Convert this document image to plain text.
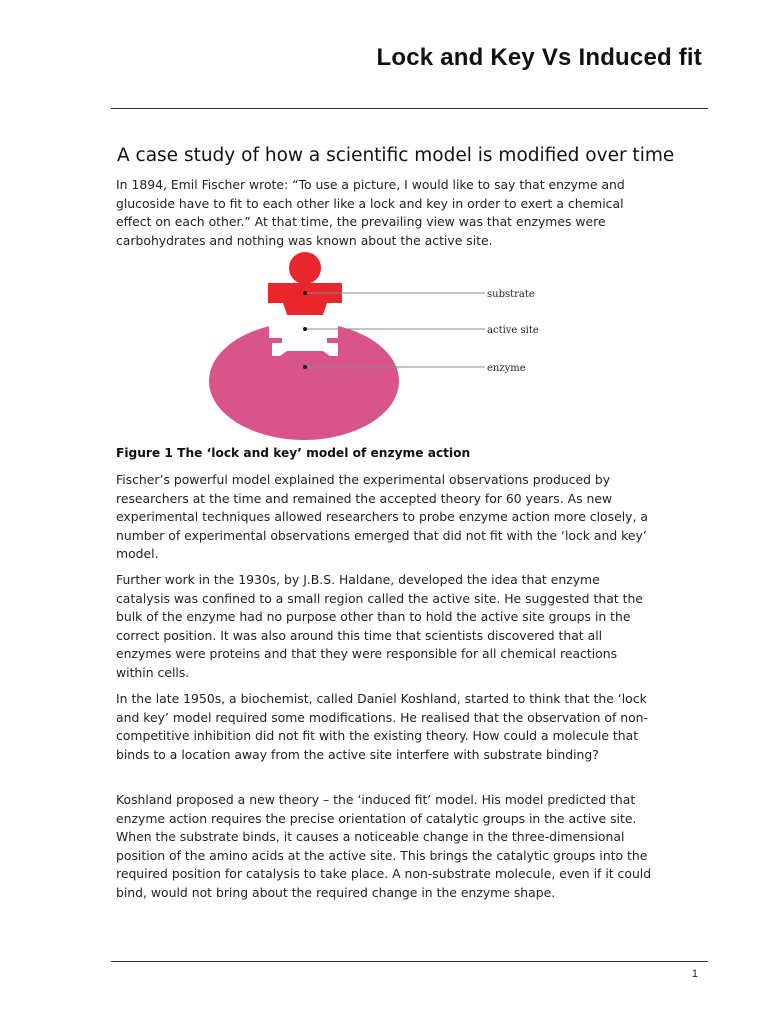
Lock and Key Vs Induced fit
A case study of how a scientific model is modified over time

In 1894, Emil Fischer wrote: “To use a picture, I would like to say that enzyme and glucoside have to fit to each other like a lock and key in order to exert a chemical effect on each other.” At that time, the prevailing view was that enzymes were carbohydrates and nothing was known about the active site.

substrate
active site
enzyme
Figure 1 The ‘lock and key’ model of enzyme action

Fischer’s powerful model explained the experimental observations produced by researchers at the time and remained the accepted theory for 60 years. As new experimental techniques allowed researchers to probe enzyme action more closely, a number of experimental observations emerged that did not fit with the ‘lock and key’ model.

Further work in the 1930s, by J.B.S. Haldane, developed the idea that enzyme catalysis was confined to a small region called the active site. He suggested that the bulk of the enzyme had no purpose other than to hold the active site groups in the correct position. It was also around this time that scientists discovered that all enzymes were proteins and that they were responsible for all chemical reactions within cells.

In the late 1950s, a biochemist, called Daniel Koshland, started to think that the ‘lock and key’ model required some modifications. He realised that the observation of non-competitive inhibition did not fit with the existing theory. How could a molecule that binds to a location away from the active site interfere with substrate binding?

Koshland proposed a new theory – the ‘induced fit’ model. His model predicted that enzyme action requires the precise orientation of catalytic groups in the active site. When the substrate binds, it causes a noticeable change in the three-dimensional position of the amino acids at the active site. This brings the catalytic groups into the required position for catalysis to take place. A non-substrate molecule, even if it could bind, would not bring about the required change in the enzyme shape.

1
